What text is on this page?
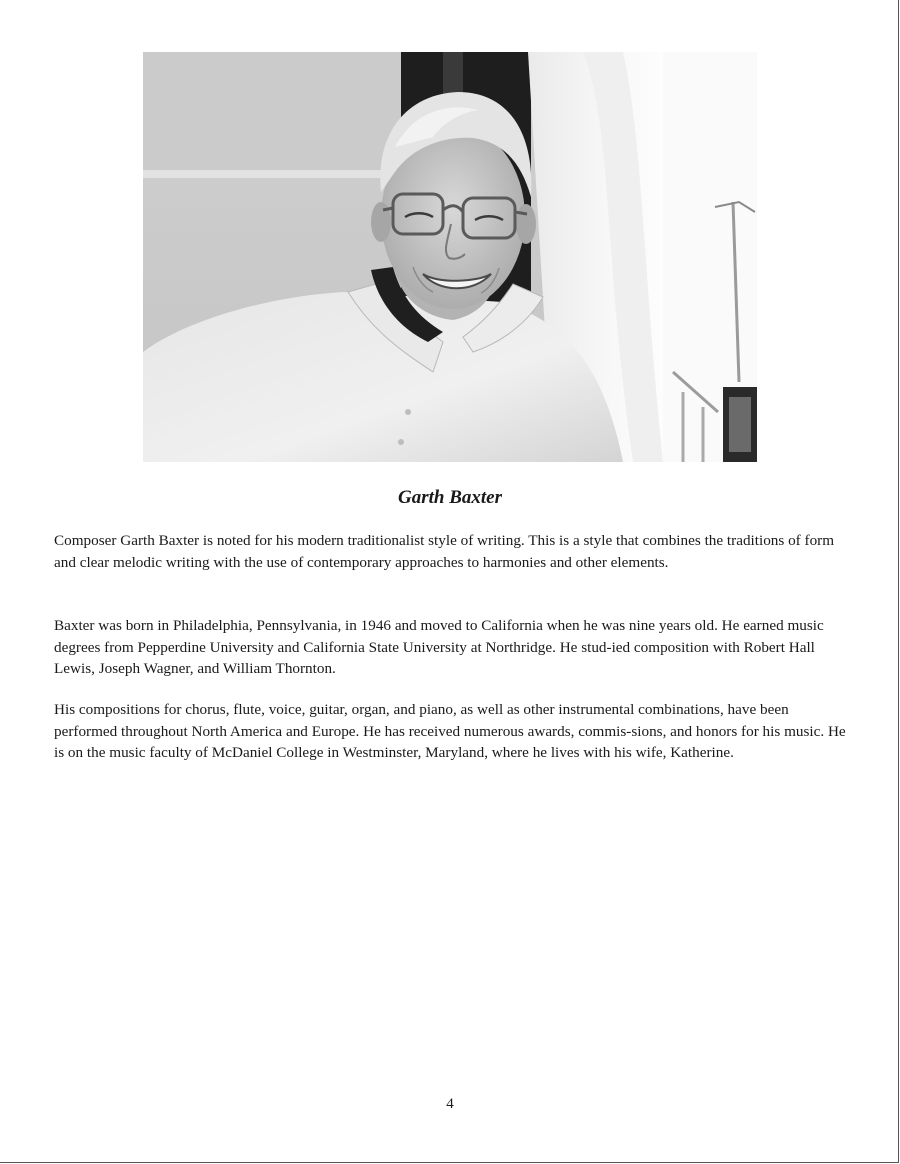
Garth Baxter

Composer Garth Baxter is noted for his modern traditionalist style of writing. This is a style that combines the traditions of form and clear melodic writing with the use of contemporary approaches to harmonies and other elements.

Baxter was born in Philadelphia, Pennsylvania, in 1946 and moved to California when he was nine years old. He earned music degrees from Pepperdine University and California State University at Northridge. He stud-ied composition with Robert Hall Lewis, Joseph Wagner, and William Thornton.

His compositions for chorus, flute, voice, guitar, organ, and piano, as well as other instrumental combinations, have been performed throughout North America and Europe. He has received numerous awards, commis-sions, and honors for his music. He is on the music faculty of McDaniel College in Westminster, Maryland, where he lives with his wife, Katherine.

4
